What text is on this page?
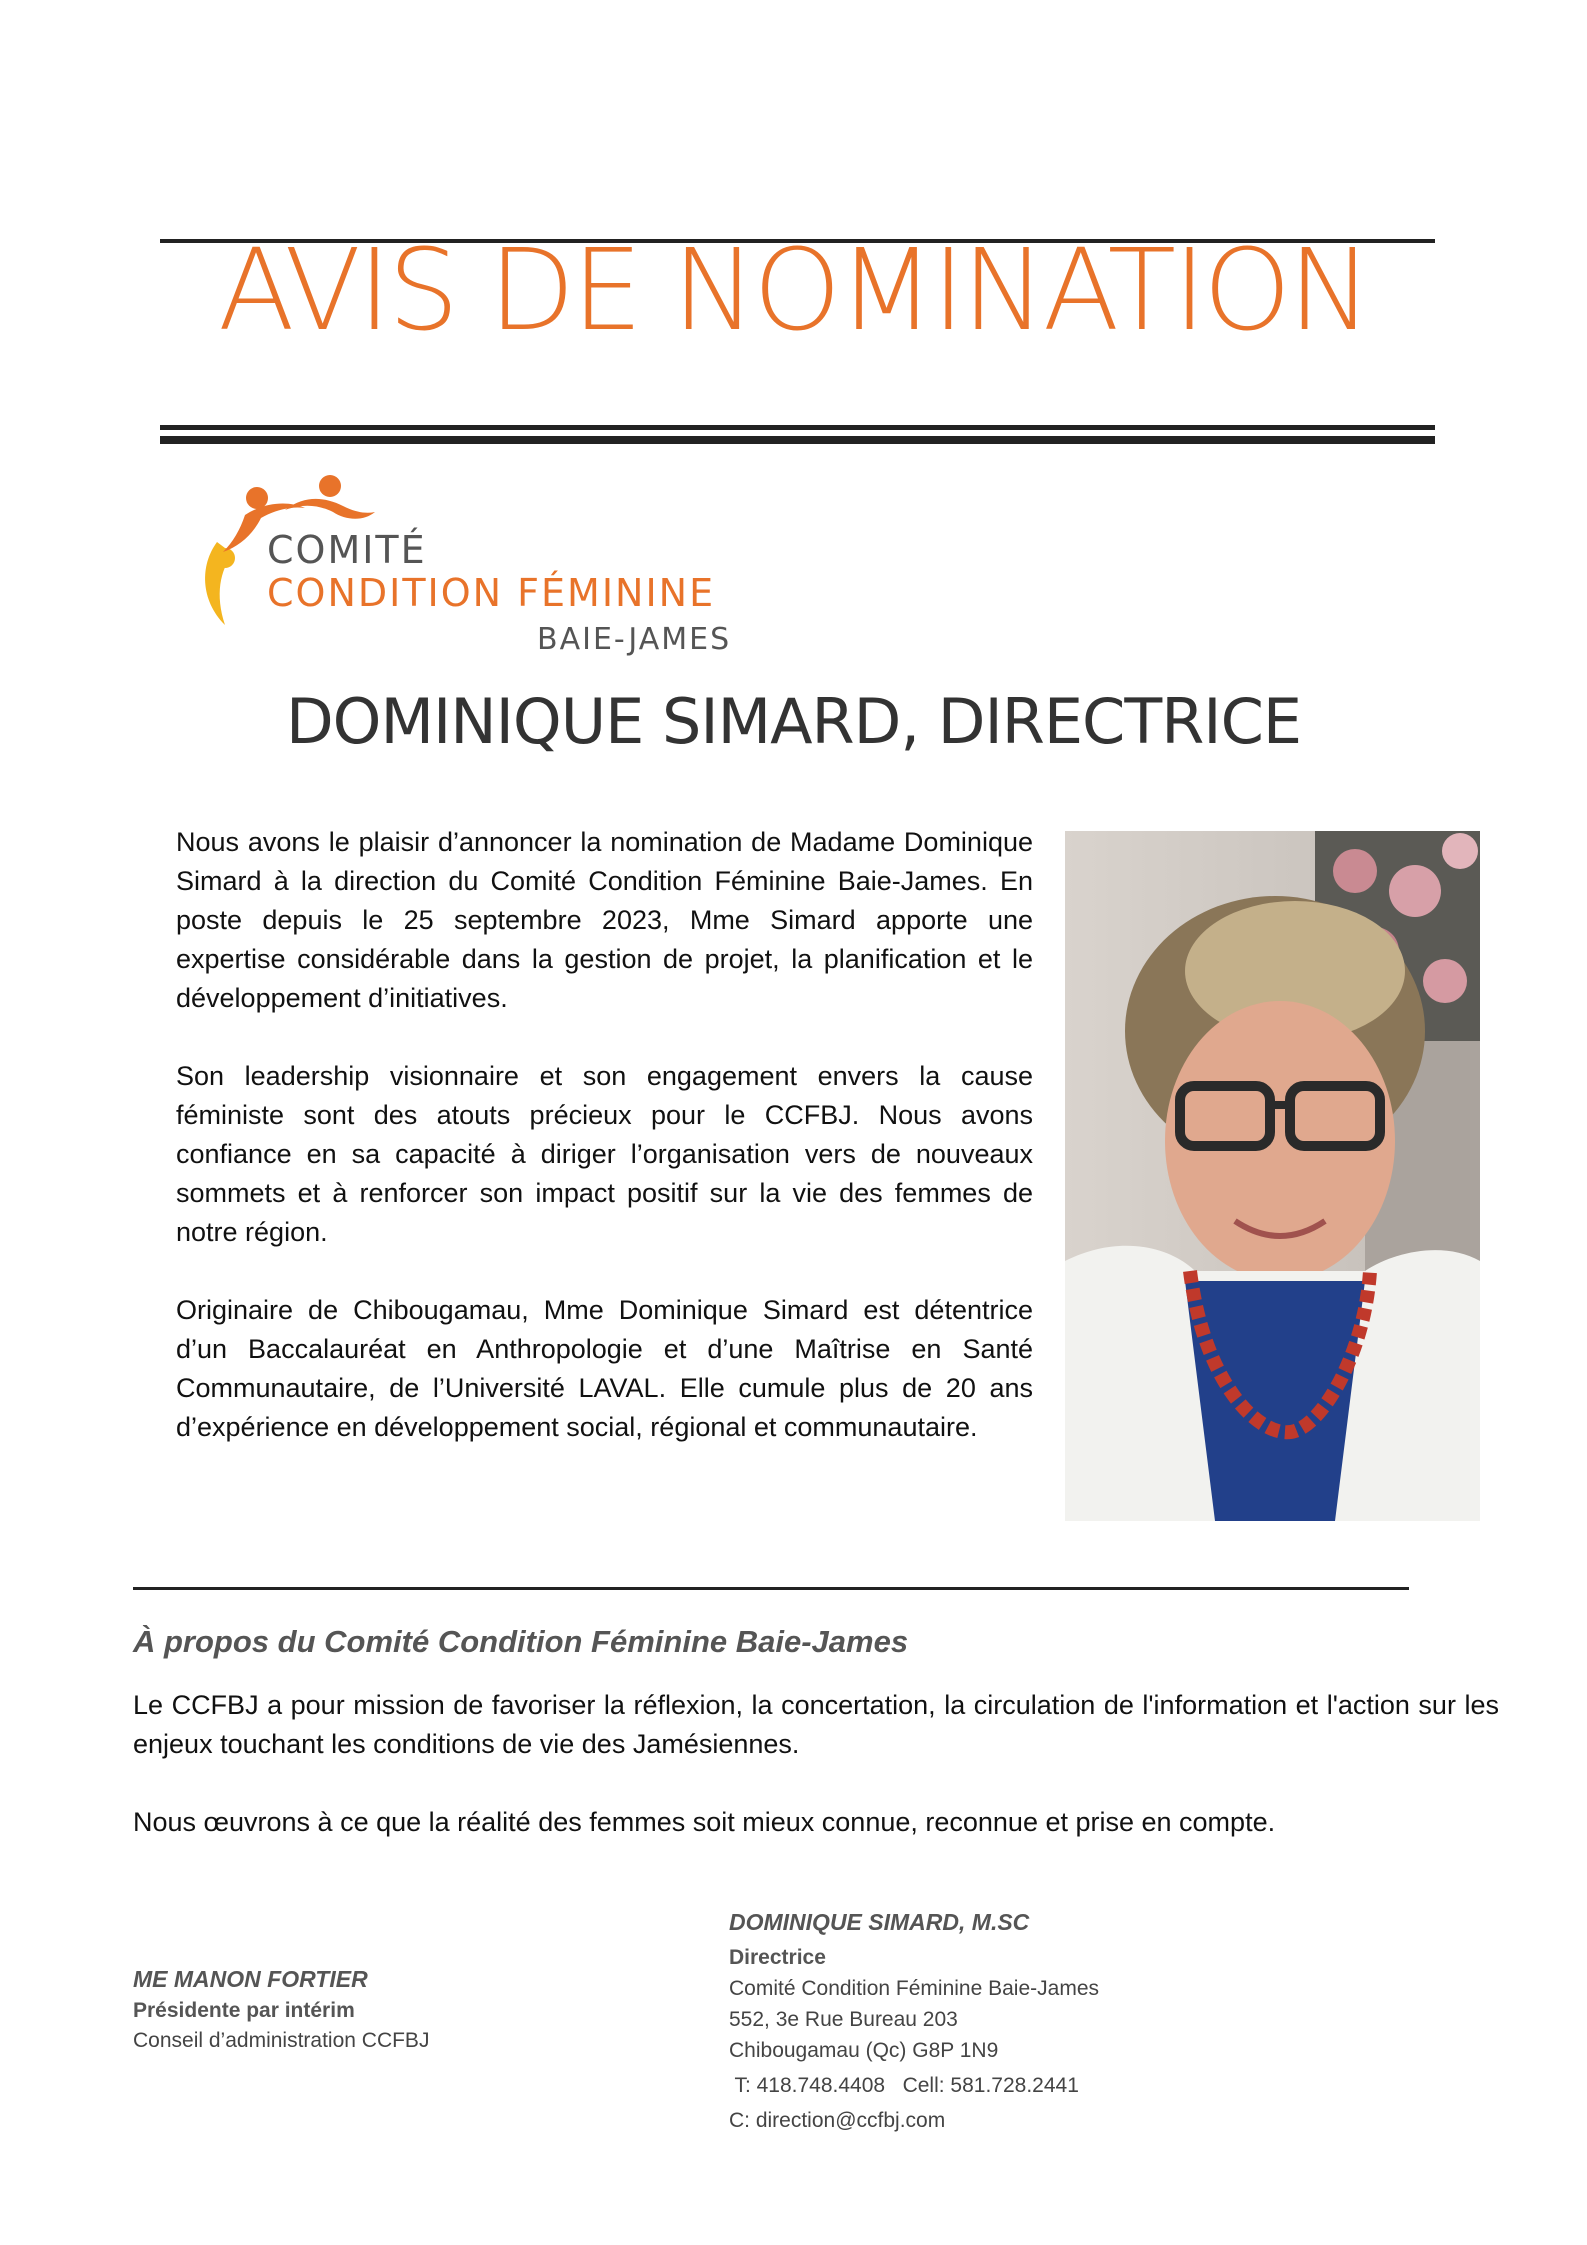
AVIS DE NOMINATION
COMITÉ
CONDITION FÉMININE
BAIE-JAMES
DOMINIQUE SIMARD, DIRECTRICE

Nous avons le plaisir d’annoncer la nomination de Madame Dominique Simard à la direction du Comité Condition Féminine Baie-James. En poste depuis le 25 septembre 2023, Mme Simard apporte une expertise considérable dans la gestion de projet, la planification et le développement d’initiatives.

Son leadership visionnaire et son engagement envers la cause féministe sont des atouts précieux pour le CCFBJ. Nous avons confiance en sa capacité à diriger l’organisation vers de nouveaux sommets et à renforcer son impact positif sur la vie des femmes de notre région.

Originaire de Chibougamau, Mme Dominique Simard est détentrice d’un Baccalauréat en Anthropologie et d’une Maîtrise en Santé Communautaire, de l’Université LAVAL. Elle cumule plus de 20 ans d’expérience en développement social, régional et communautaire.

À propos du Comité Condition Féminine Baie-James

Le CCFBJ a pour mission de favoriser la réflexion, la concertation, la circulation de l'information et l'action sur les enjeux touchant les conditions de vie des Jamésiennes.

Nous œuvrons à ce que la réalité des femmes soit mieux connue, reconnue et prise en compte.

ME MANON FORTIER
Présidente par intérim
Conseil d’administration CCFBJ
DOMINIQUE SIMARD, M.SC
Directrice
Comité Condition Féminine Baie-James
552, 3e Rue Bureau 203
Chibougamau (Qc) G8P 1N9
T: 418.748.4408   Cell: 581.728.2441
C: direction@ccfbj.com
